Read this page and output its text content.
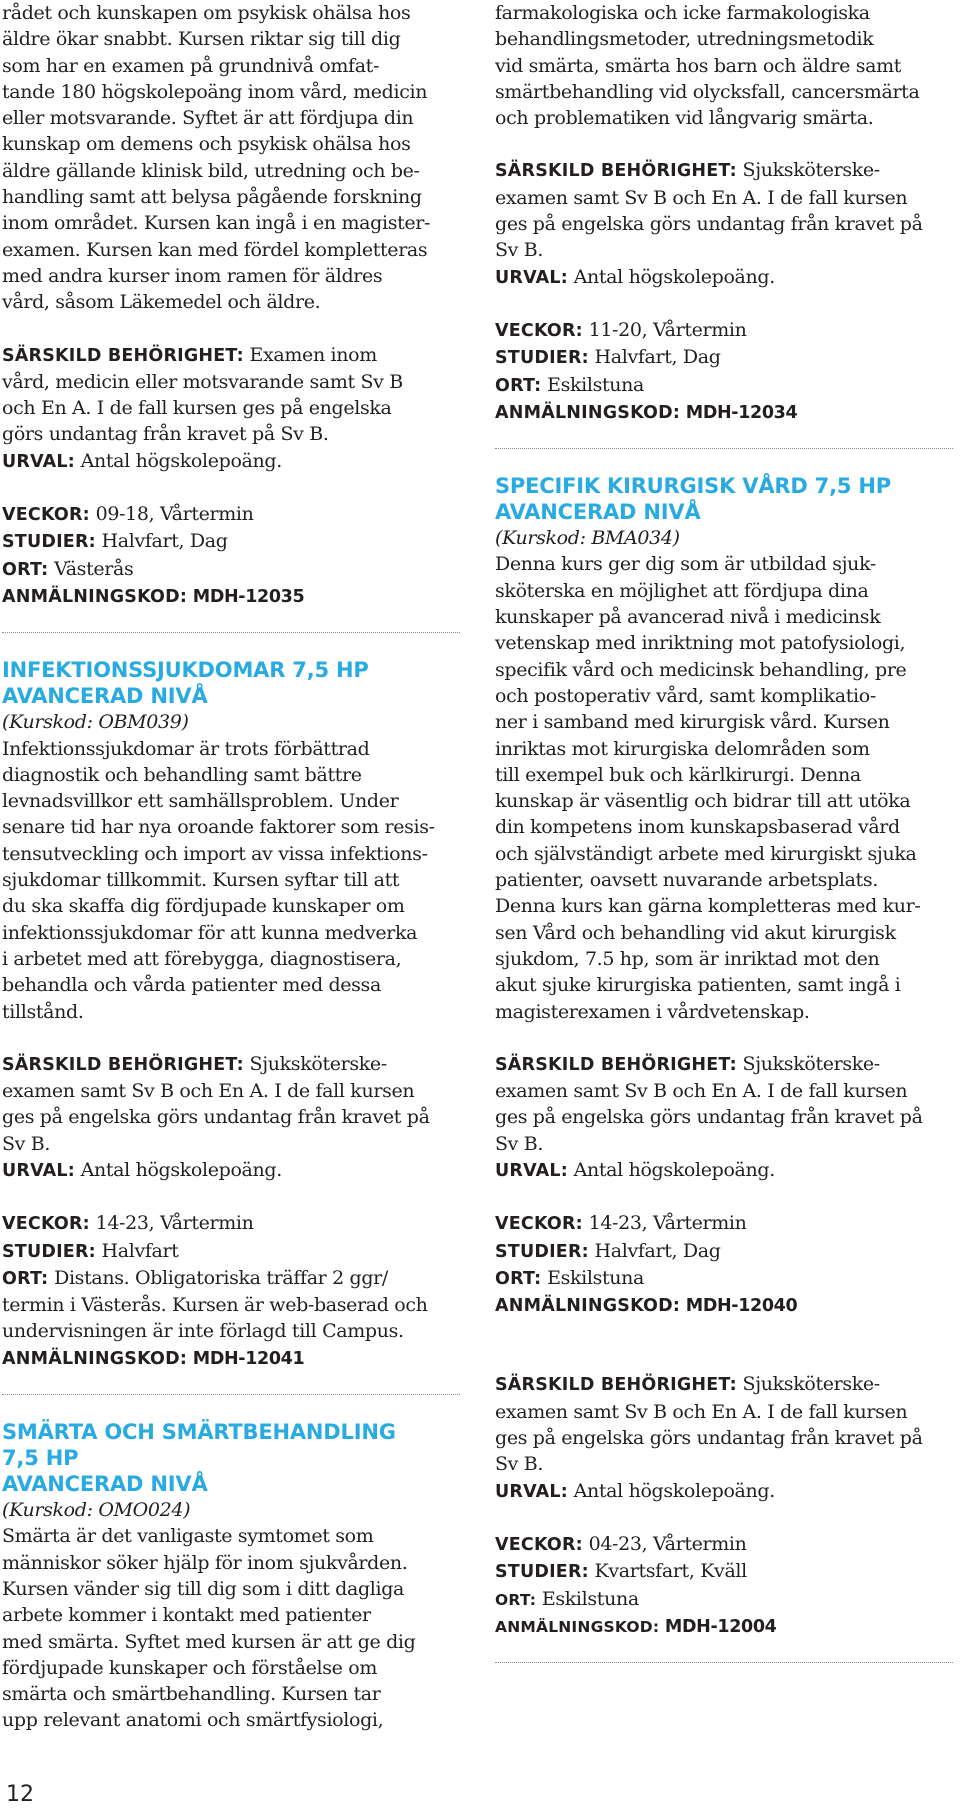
rådet och kunskapen om psykisk ohälsa hos

äldre ökar snabbt. Kursen riktar sig till dig

som har en examen på grundnivå omfat-

tande 180 högskolepoäng inom vård, medicin

eller motsvarande. Syftet är att fördjupa din

kunskap om demens och psykisk ohälsa hos

äldre gällande klinisk bild, utredning och be-

handling samt att belysa pågående forskning

inom området. Kursen kan ingå i en magister-

examen. Kursen kan med fördel kompletteras

med andra kurser inom ramen för äldres

vård, såsom Läkemedel och äldre.

SÄRSKILD BEHÖRIGHET: Examen inom

vård, medicin eller motsvarande samt Sv B

och En A. I de fall kursen ges på engelska

görs undantag från kravet på Sv B.

URVAL: Antal högskolepoäng.

VECKOR: 09-18, Vårtermin

STUDIER: Halvfart, Dag

ORT: Västerås

ANMÄLNINGSKOD: MDH-12035

INFEKTIONSSJUKDOMAR 7,5 HP

AVANCERAD NIVÅ

(Kurskod: OBM039)

Infektionssjukdomar är trots förbättrad

diagnostik och behandling samt bättre

levnadsvillkor ett samhällsproblem. Under

senare tid har nya oroande faktorer som resis-

tensutveckling och import av vissa infektions-

sjukdomar tillkommit. Kursen syftar till att

du ska skaffa dig fördjupade kunskaper om

infektionssjukdomar för att kunna medverka

i arbetet med att förebygga, diagnostisera,

behandla och vårda patienter med dessa

tillstånd.

SÄRSKILD BEHÖRIGHET: Sjuksköterske-

examen samt Sv B och En A. I de fall kursen

ges på engelska görs undantag från kravet på

Sv B.

URVAL: Antal högskolepoäng.

VECKOR: 14-23, Vårtermin

STUDIER: Halvfart

ORT: Distans. Obligatoriska träffar 2 ggr/

termin i Västerås. Kursen är web-baserad och

undervisningen är inte förlagd till Campus.

ANMÄLNINGSKOD: MDH-12041

SMÄRTA OCH SMÄRTBEHANDLING

7,5 HP

AVANCERAD NIVÅ

(Kurskod: OMO024)

Smärta är det vanligaste symtomet som

människor söker hjälp för inom sjukvården.

Kursen vänder sig till dig som i ditt dagliga

arbete kommer i kontakt med patienter

med smärta. Syftet med kursen är att ge dig

fördjupade kunskaper och förståelse om

smärta och smärtbehandling. Kursen tar

upp relevant anatomi och smärtfysiologi,

farmakologiska och icke farmakologiska

behandlingsmetoder, utredningsmetodik

vid smärta, smärta hos barn och äldre samt

smärtbehandling vid olycksfall, cancersmärta

och problematiken vid långvarig smärta.

SÄRSKILD BEHÖRIGHET: Sjuksköterske-

examen samt Sv B och En A. I de fall kursen

ges på engelska görs undantag från kravet på

Sv B.

URVAL: Antal högskolepoäng.

VECKOR: 11-20, Vårtermin

STUDIER: Halvfart, Dag

ORT: Eskilstuna

ANMÄLNINGSKOD: MDH-12034

SPECIFIK KIRURGISK VÅRD 7,5 HP

AVANCERAD NIVÅ

(Kurskod: BMA034)

Denna kurs ger dig som är utbildad sjuk-

sköterska en möjlighet att fördjupa dina

kunskaper på avancerad nivå i medicinsk

vetenskap med inriktning mot patofysiologi,

specifik vård och medicinsk behandling, pre

och postoperativ vård, samt komplikatio-

ner i samband med kirurgisk vård. Kursen

inriktas mot kirurgiska delområden som

till exempel buk och kärlkirurgi. Denna

kunskap är väsentlig och bidrar till att utöka

din kompetens inom kunskapsbaserad vård

och självständigt arbete med kirurgiskt sjuka

patienter, oavsett nuvarande arbetsplats.

Denna kurs kan gärna kompletteras med kur-

sen Vård och behandling vid akut kirurgisk

sjukdom, 7.5 hp, som är inriktad mot den

akut sjuke kirurgiska patienten, samt ingå i

magisterexamen i vårdvetenskap.

SÄRSKILD BEHÖRIGHET: Sjuksköterske-

examen samt Sv B och En A. I de fall kursen

ges på engelska görs undantag från kravet på

Sv B.

URVAL: Antal högskolepoäng.

VECKOR: 14-23, Vårtermin

STUDIER: Halvfart, Dag

ORT: Eskilstuna

ANMÄLNINGSKOD: MDH-12040

SÄRSKILD BEHÖRIGHET: Sjuksköterske-

examen samt Sv B och En A. I de fall kursen

ges på engelska görs undantag från kravet på

Sv B.

URVAL: Antal högskolepoäng.

VECKOR: 04-23, Vårtermin

STUDIER: Kvartsfart, Kväll

ORT: Eskilstuna

ANMÄLNINGSKOD: MDH-12004

12
